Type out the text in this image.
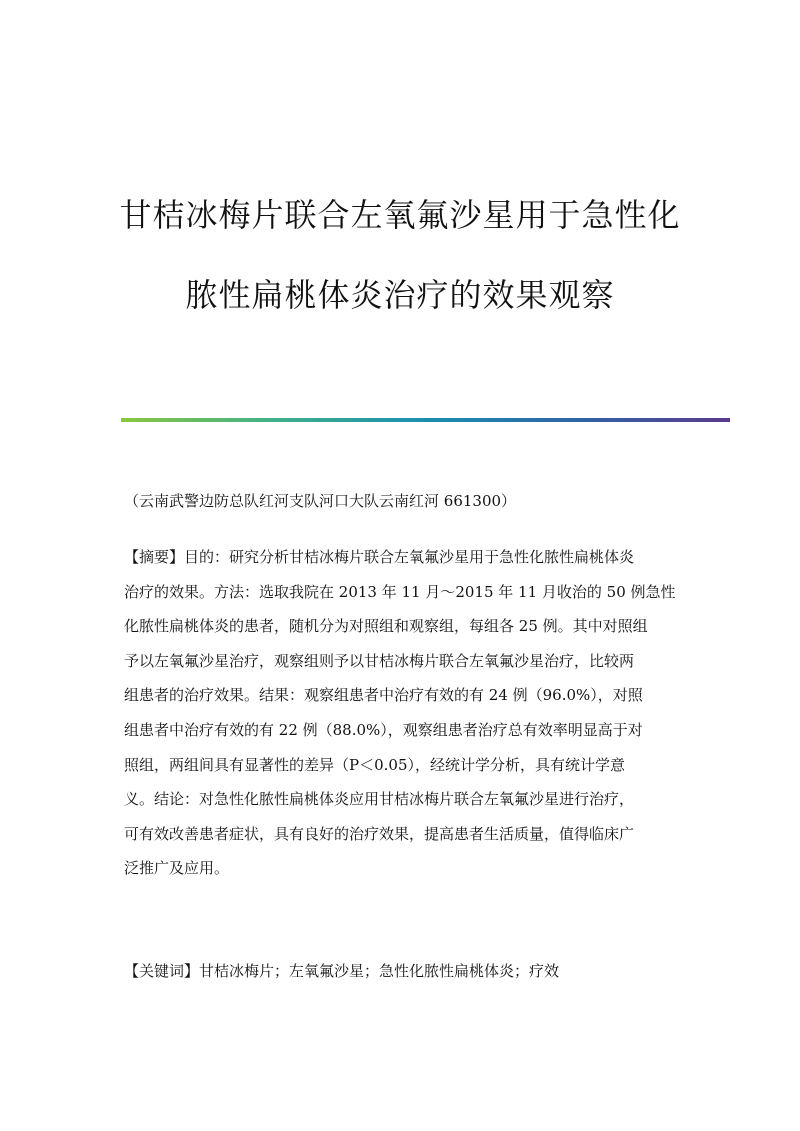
甘桔冰梅片联合左氧氟沙星用于急性化
脓性扁桃体炎治疗的效果观察
（云南武警边防总队红河支队河口大队云南红河 661300）
【摘要】目的：研究分析甘桔冰梅片联合左氧氟沙星用于急性化脓性扁桃体炎
治疗的效果。方法：选取我院在 2013 年 11 月～2015 年 11 月收治的 50 例急性
化脓性扁桃体炎的患者，随机分为对照组和观察组，每组各 25 例。其中对照组
予以左氧氟沙星治疗，观察组则予以甘桔冰梅片联合左氧氟沙星治疗，比较两
组患者的治疗效果。结果：观察组患者中治疗有效的有 24 例（96.0%），对照
组患者中治疗有效的有 22 例（88.0%），观察组患者治疗总有效率明显高于对
照组，两组间具有显著性的差异（P＜0.05），经统计学分析，具有统计学意
义。结论：对急性化脓性扁桃体炎应用甘桔冰梅片联合左氧氟沙星进行治疗，
可有效改善患者症状，具有良好的治疗效果，提高患者生活质量，值得临床广
泛推广及应用。
【关键词】甘桔冰梅片；左氧氟沙星；急性化脓性扁桃体炎；疗效
